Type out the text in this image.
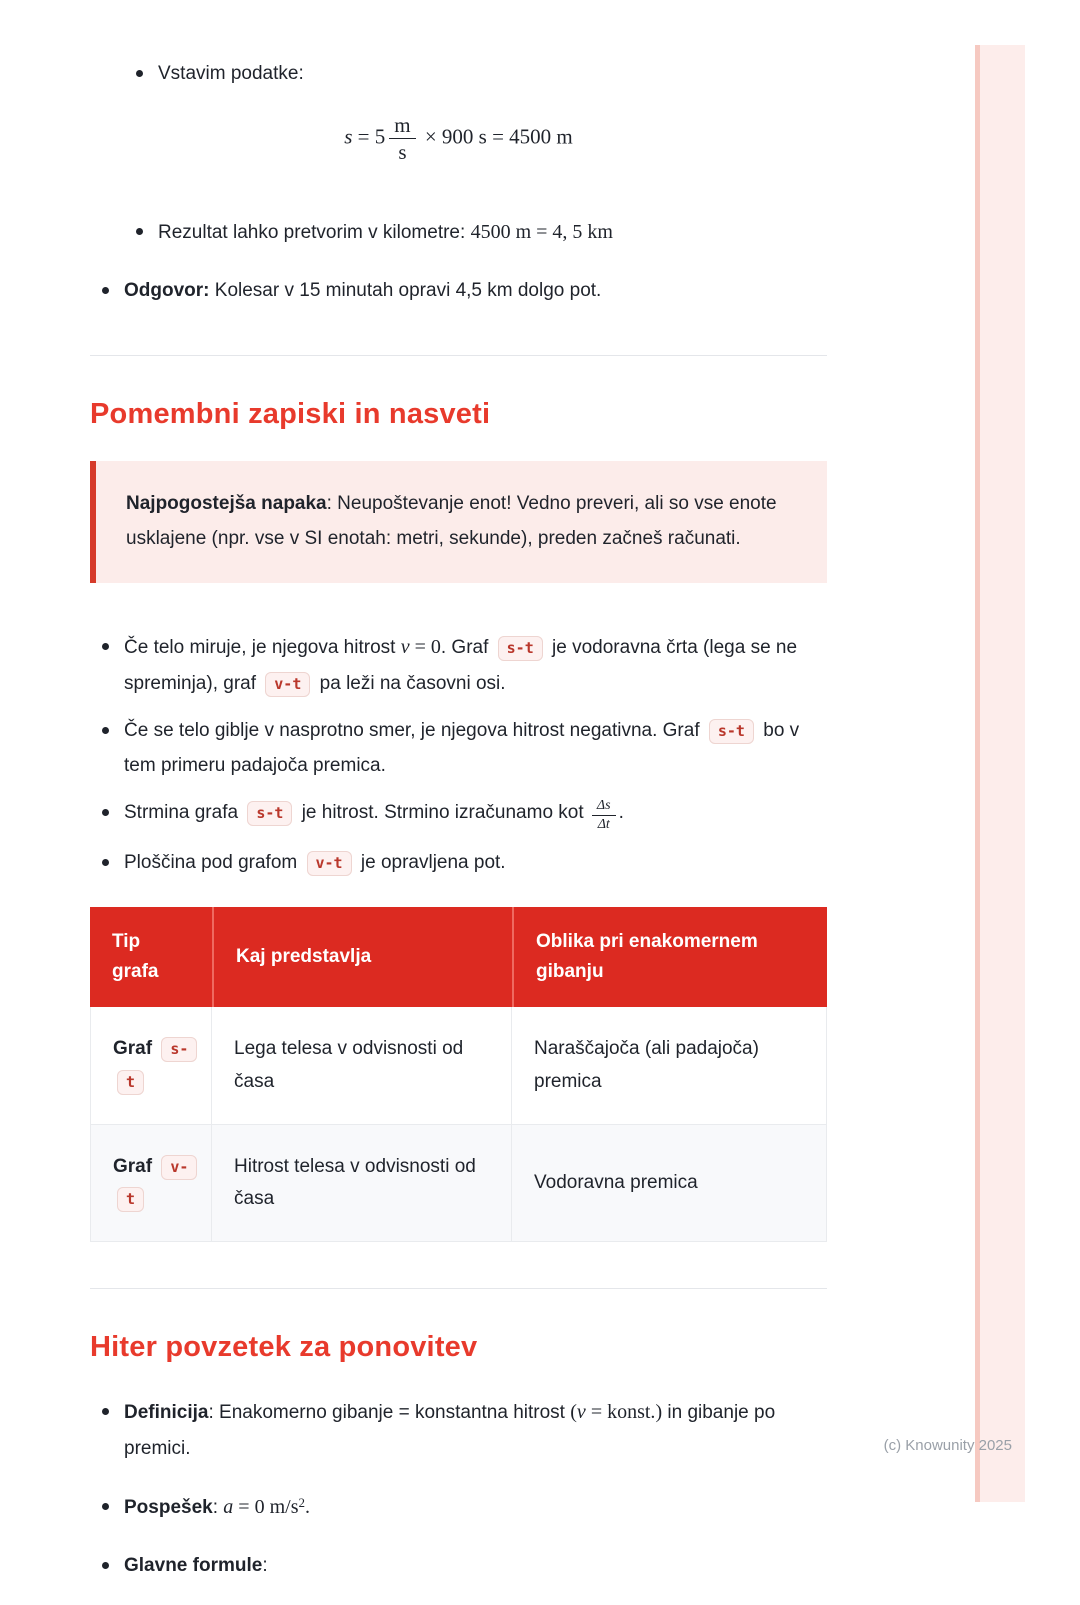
(c) Knowunity 2025
Vstavim podatke:
$s = 5 \frac{m}{s} \times 900$ s = 4500 m
Rezultat lahko pretvorim v kilometre: 4500 m = 4, 5 km
Odgovor: Kolesar v 15 minutah opravi 4,5 km dolgo pot.
Pomembni zapiski in nasveti
Najpogostejša napaka: Neupoštevanje enot! Vedno preveri, ali so vse enote usklajene (npr. vse v SI enotah: metri, sekunde), preden začneš računati.
Če telo miruje, je njegova hitrost v = 0. Graf s-t je vodoravna črta (lega se ne spreminja), graf v-t pa leži na časovni osi.
Če se telo giblje v nasprotno smer, je njegova hitrost negativna. Graf s-t bo v tem primeru padajoča premica.
Strmina grafa s-t je hitrost. Strmino izračunamo kot $\frac{\Delta s}{\Delta t}$ .
Ploščina pod grafom v-t je opravljena pot.
Tip grafa	Kaj predstavlja	Oblika pri enakomernem gibanju
Graf s-t	Lega telesa v odvisnosti od časa	Naraščajoča (ali padajoča) premica
Graf v-t	Hitrost telesa v odvisnosti od časa	Vodoravna premica
Hiter povzetek za ponovitev
Definicija: Enakomerno gibanje = konstantna hitrost (v = konst.) in gibanje po premici.
Pospešek: a = 0 $m/s^2$.
Glavne formule:
